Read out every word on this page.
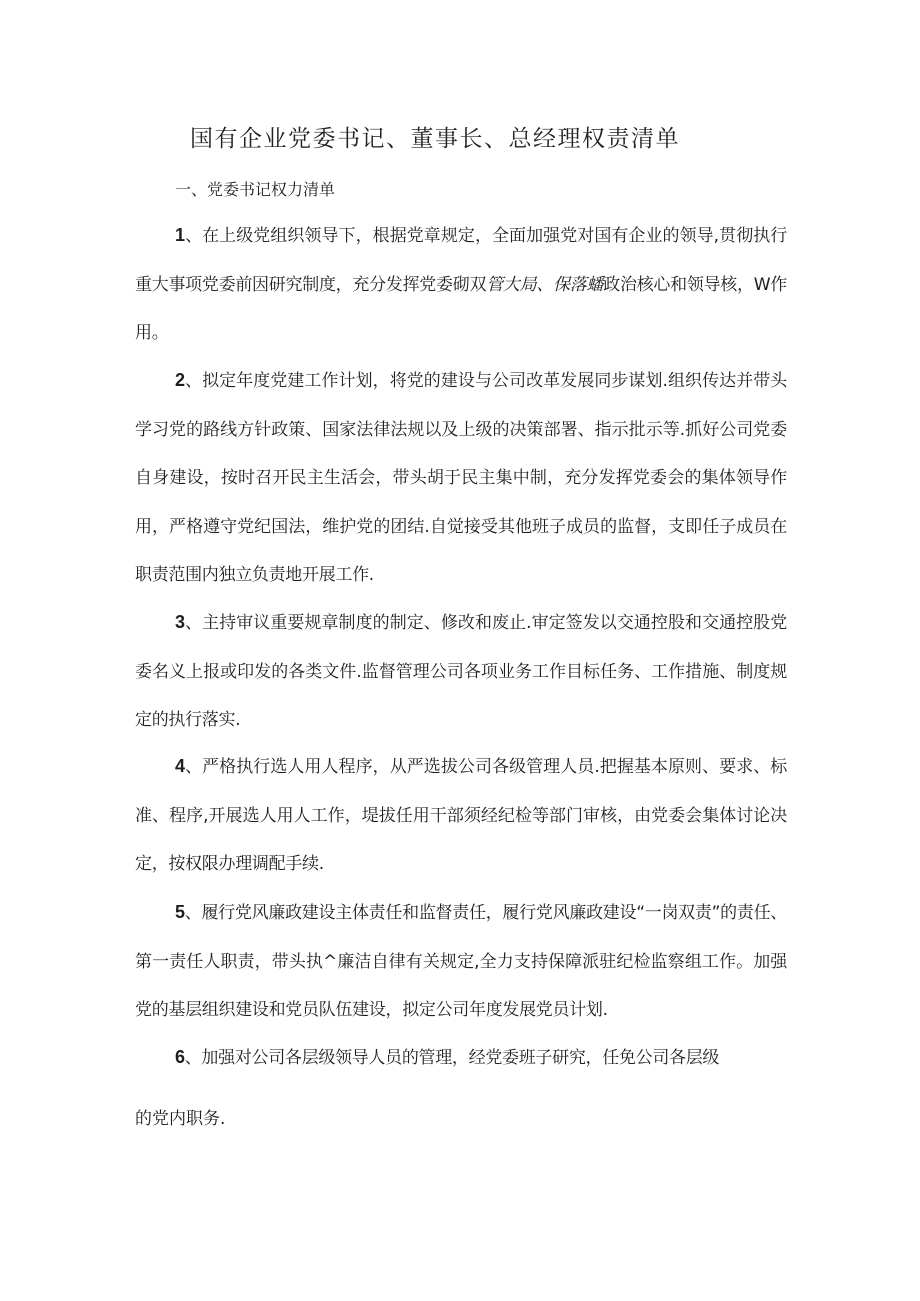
国有企业党委书记、董事长、总经理权责清单
一、党委书记权力清单
1、在上级党组织领导下，根据党章规定，全面加强党对国有企业的领导,贯彻执行重大事项党委前因研究制度，充分发挥党委砌双管大局、保落蟠政治核心和领导核，W作用。
2、拟定年度党建工作计划，将党的建设与公司改革发展同步谋划.组织传达并带头学习党的路线方针政策、国家法律法规以及上级的决策部署、指示批示等.抓好公司党委自身建设，按时召开民主生活会，带头胡于民主集中制，充分发挥党委会的集体领导作用，严格遵守党纪国法，维护党的团结.自觉接受其他班子成员的监督，支即任子成员在职责范围内独立负责地开展工作.
3、主持审议重要规章制度的制定、修改和废止.审定签发以交通控股和交通控股党委名义上报或印发的各类文件.监督管理公司各项业务工作目标任务、工作措施、制度规定的执行落实.
4、严格执行选人用人程序，从严选拔公司各级管理人员.把握基本原则、要求、标准、程序,开展选人用人工作，堤拔任用干部须经纪检等部门审核，由党委会集体讨论决定，按权限办理调配手续.
5、履行党风廉政建设主体责任和监督责任，履行党风廉政建设“一岗双责”的责任、第一责任人职责，带头执^廉洁自律有关规定,全力支持保障派驻纪检监察组工作。加强党的基层组织建设和党员队伍建设，拟定公司年度发展党员计划.
6、加强对公司各层级领导人员的管理，经党委班子研究，任免公司各层级
的党内职务.
